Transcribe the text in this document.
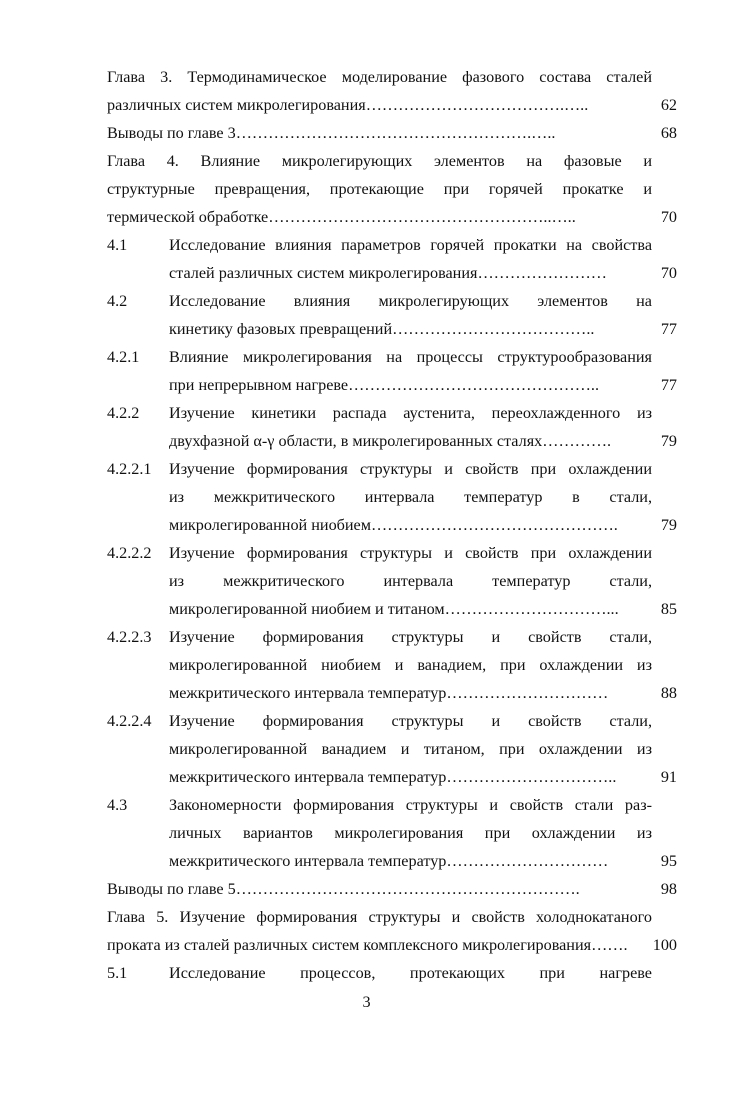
Глава 3. Термодинамическое моделирование фазового состава сталей
различных систем микролегирования……………………………….…..	62
Выводы по главе 3……………………………………………….…..	68
Глава 4. Влияние микролегирующих элементов на фазовые и
структурные превращения, протекающие при горячей прокатке и
термической обработке……………………………………………..…..	70
4.1	Исследование влияния параметров горячей прокатки на свойства
сталей различных систем микролегирования……………………	70
4.2	Исследование влияния микролегирующих элементов на
кинетику фазовых превращений………………………………..	77
4.2.1 Влияние микролегирования на процессы структурообразования
при непрерывном нагреве………………………………………..	77
4.2.2 Изучение кинетики распада аустенита, переохлажденного из
двухфазной α-γ области, в микролегированных сталях………….	79
4.2.2.1 Изучение формирования структуры и свойств при охлаждении
из межкритического интервала температур в стали,
микролегированной ниобием……………………………………….	79
4.2.2.2 Изучение формирования структуры и свойств при охлаждении
из межкритического интервала температур стали,
микролегированной ниобием и титаном…………………………...	85
4.2.2.3 Изучение формирования структуры и свойств стали,
микролегированной ниобием и ванадием, при охлаждении из
межкритического интервала температур…………………………	88
4.2.2.4 Изучение формирования структуры и свойств стали,
микролегированной ванадием и титаном, при охлаждении из
межкритического интервала температур…………………………..	91
4.3	Закономерности формирования структуры и свойств стали раз-
личных вариантов микролегирования при охлаждении из
межкритического интервала температур…………………………	95
Выводы по главе 5……………………………………………………….	98
Глава 5. Изучение формирования структуры и свойств холоднокатаного
проката из сталей различных систем комплексного микролегирования…….	100
5.1	Исследование процессов, протекающих при нагреве
3
